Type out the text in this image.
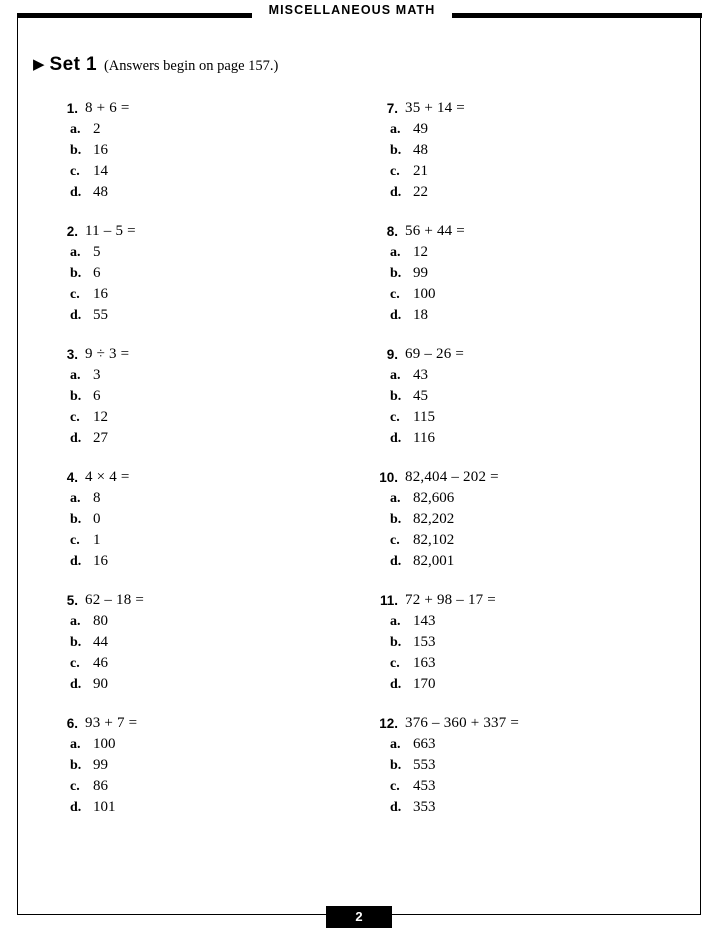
MISCELLANEOUS MATH
▶ Set 1 (Answers begin on page 157.)
1. 8 + 6 =
a. 2
b. 16
c. 14
d. 48
2. 11 – 5 =
a. 5
b. 6
c. 16
d. 55
3. 9 ÷ 3 =
a. 3
b. 6
c. 12
d. 27
4. 4 × 4 =
a. 8
b. 0
c. 1
d. 16
5. 62 – 18 =
a. 80
b. 44
c. 46
d. 90
6. 93 + 7 =
a. 100
b. 99
c. 86
d. 101
7. 35 + 14 =
a. 49
b. 48
c. 21
d. 22
8. 56 + 44 =
a. 12
b. 99
c. 100
d. 18
9. 69 – 26 =
a. 43
b. 45
c. 115
d. 116
10. 82,404 – 202 =
a. 82,606
b. 82,202
c. 82,102
d. 82,001
11. 72 + 98 – 17 =
a. 143
b. 153
c. 163
d. 170
12. 376 – 360 + 337 =
a. 663
b. 553
c. 453
d. 353
2
